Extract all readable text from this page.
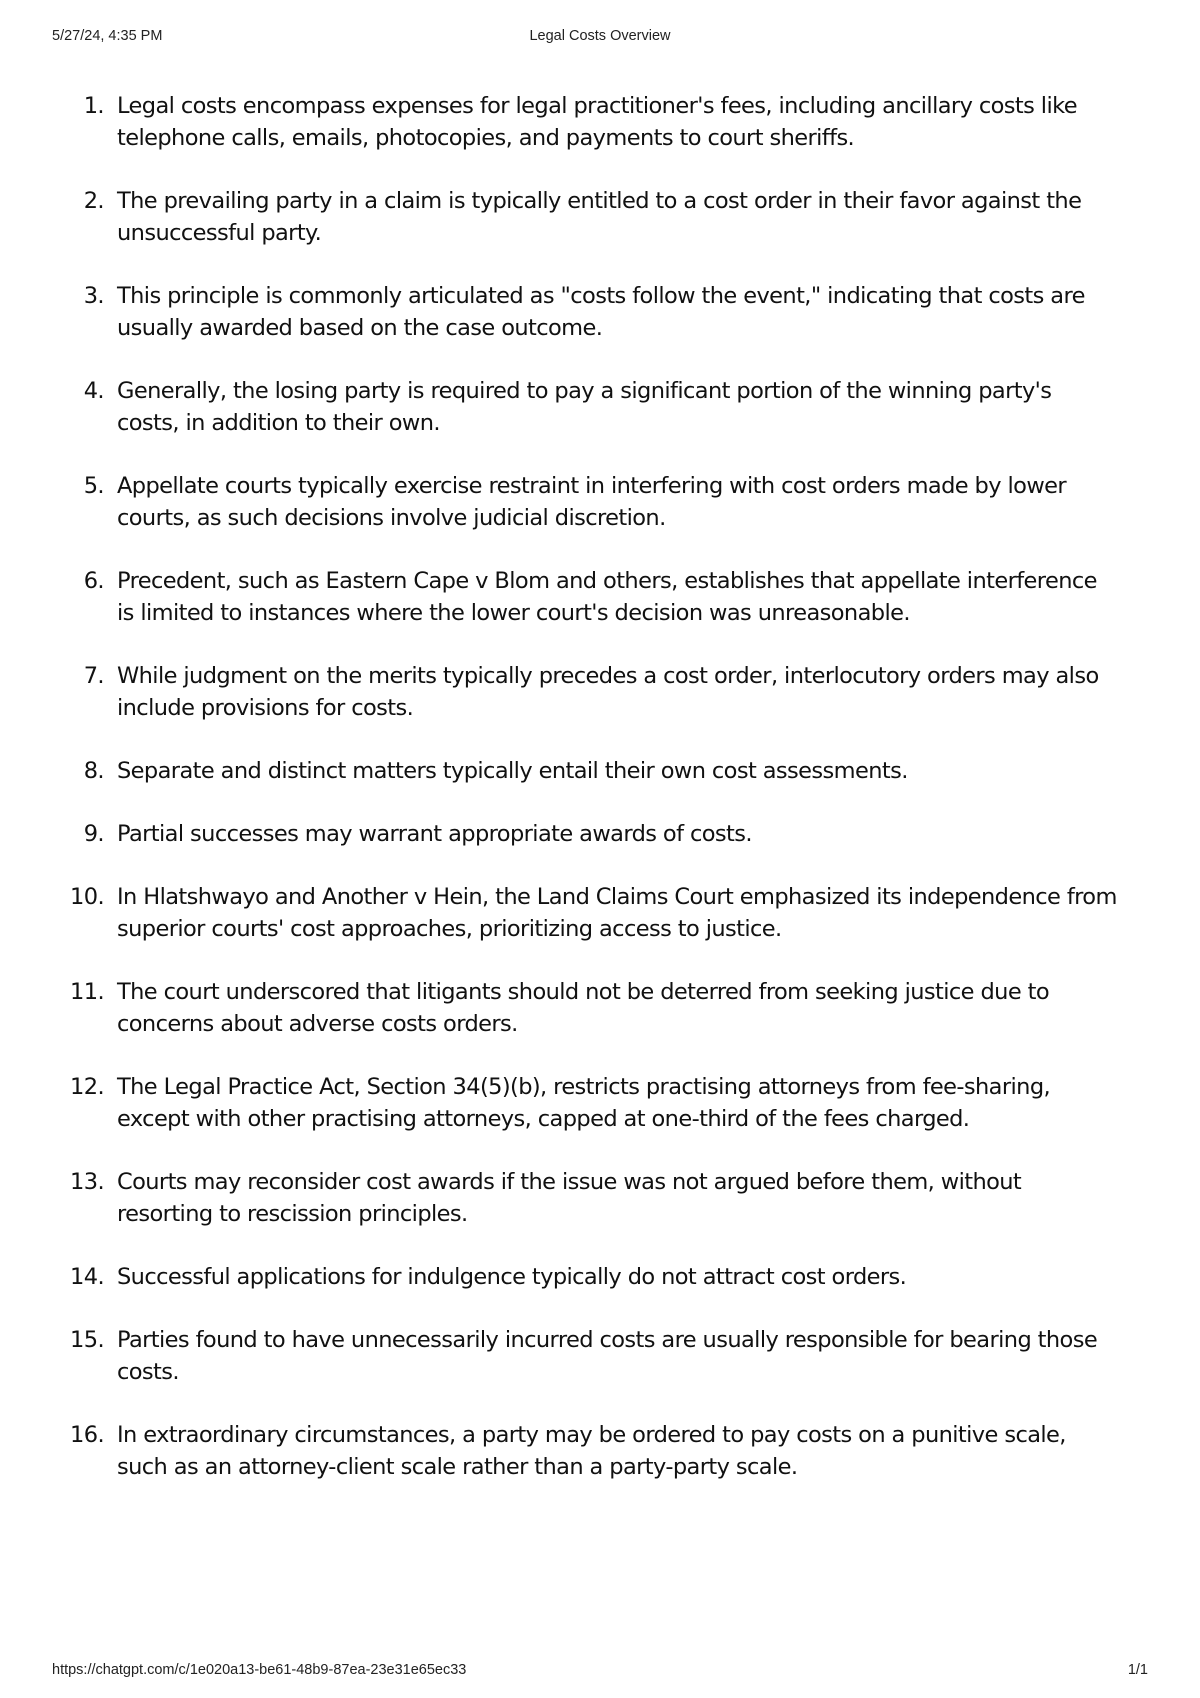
5/27/24, 4:35 PM	Legal Costs Overview
1. Legal costs encompass expenses for legal practitioner's fees, including ancillary costs like telephone calls, emails, photocopies, and payments to court sheriffs.
2. The prevailing party in a claim is typically entitled to a cost order in their favor against the unsuccessful party.
3. This principle is commonly articulated as "costs follow the event," indicating that costs are usually awarded based on the case outcome.
4. Generally, the losing party is required to pay a significant portion of the winning party's costs, in addition to their own.
5. Appellate courts typically exercise restraint in interfering with cost orders made by lower courts, as such decisions involve judicial discretion.
6. Precedent, such as Eastern Cape v Blom and others, establishes that appellate interference is limited to instances where the lower court's decision was unreasonable.
7. While judgment on the merits typically precedes a cost order, interlocutory orders may also include provisions for costs.
8. Separate and distinct matters typically entail their own cost assessments.
9. Partial successes may warrant appropriate awards of costs.
10. In Hlatshwayo and Another v Hein, the Land Claims Court emphasized its independence from superior courts' cost approaches, prioritizing access to justice.
11. The court underscored that litigants should not be deterred from seeking justice due to concerns about adverse costs orders.
12. The Legal Practice Act, Section 34(5)(b), restricts practising attorneys from fee-sharing, except with other practising attorneys, capped at one-third of the fees charged.
13. Courts may reconsider cost awards if the issue was not argued before them, without resorting to rescission principles.
14. Successful applications for indulgence typically do not attract cost orders.
15. Parties found to have unnecessarily incurred costs are usually responsible for bearing those costs.
16. In extraordinary circumstances, a party may be ordered to pay costs on a punitive scale, such as an attorney-client scale rather than a party-party scale.
https://chatgpt.com/c/1e020a13-be61-48b9-87ea-23e31e65ec33	1/1
